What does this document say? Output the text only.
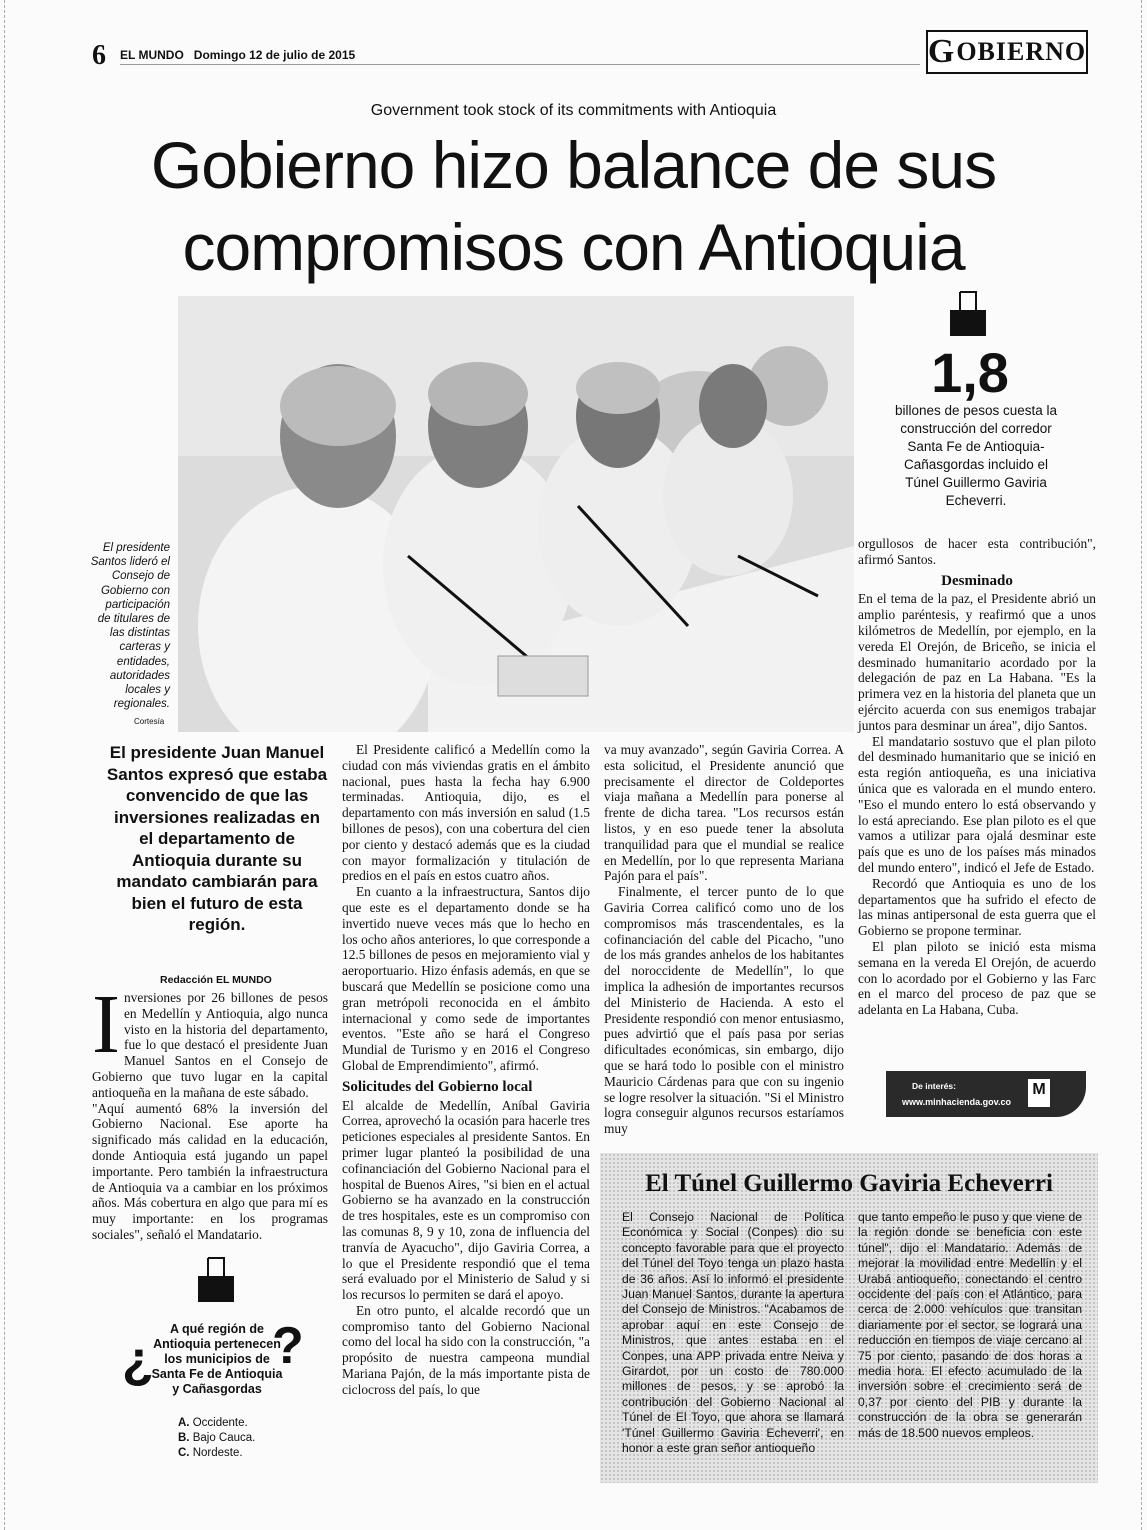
6 EL MUNDO Domingo 12 de julio de 2015	G OBIERNO
Government took stock of its commitments with Antioquia
Gobierno hizo balance de sus compromisos con Antioquia
El presidente Santos lideró el Consejo de Gobierno con participación de titulares de las distintas carteras y entidades, autoridades locales y regionales.
Cortesía
1,8
billones de pesos cuesta la construcción del corredor Santa Fe de Antioquia-Cañasgordas incluido el Túnel Guillermo Gaviria Echeverri.
El presidente Juan Manuel Santos expresó que estaba convencido de que las inversiones realizadas en el departamento de Antioquia durante su mandato cambiarán para bien el futuro de esta región.
Redacción EL MUNDO
I nversiones por 26 billones de pesos en Medellín y Antioquia, algo nunca visto en la historia del departamento, fue lo que destacó el presidente Juan Manuel Santos en el Consejo de Gobierno que tuvo lugar en la capital antioqueña en la mañana de este sábado.

"Aquí aumentó 68% la inversión del Gobierno Nacional. Ese aporte ha significado más calidad en la educación, donde Antioquia está jugando un papel importante. Pero también la infraestructura de Antioquia va a cambiar en los próximos años. Más cobertura en algo que para mí es muy importante: en los programas sociales", señaló el Mandatario.

¿ ?
A qué región de Antioquia pertenecen los municipios de Santa Fe de Antioquia y Cañasgordas
A. Occidente.
B. Bajo Cauca.
C. Nordeste.

El Presidente calificó a Medellín como la ciudad con más viviendas gratis en el ámbito nacional, pues hasta la fecha hay 6.900 terminadas. Antioquia, dijo, es el departamento con más inversión en salud (1.5 billones de pesos), con una cobertura del cien por ciento y destacó además que es la ciudad con mayor formalización y titulación de predios en el país en estos cuatro años.

En cuanto a la infraestructura, Santos dijo que este es el departamento donde se ha invertido nueve veces más que lo hecho en los ocho años anteriores, lo que corresponde a 12.5 billones de pesos en mejoramiento vial y aeroportuario. Hizo énfasis además, en que se buscará que Medellín se posicione como una gran metrópoli reconocida en el ámbito internacional y como sede de importantes eventos. "Este año se hará el Congreso Mundial de Turismo y en 2016 el Congreso Global de Emprendimiento", afirmó.

Solicitudes del Gobierno local

El alcalde de Medellín, Aníbal Gaviria Correa, aprovechó la ocasión para hacerle tres peticiones especiales al presidente Santos. En primer lugar planteó la posibilidad de una cofinanciación del Gobierno Nacional para el hospital de Buenos Aires, "si bien en el actual Gobierno se ha avanzado en la construcción de tres hospitales, este es un compromiso con las comunas 8, 9 y 10, zona de influencia del tranvía de Ayacucho", dijo Gaviria Correa, a lo que el Presidente respondió que el tema será evaluado por el Ministerio de Salud y si los recursos lo permiten se dará el apoyo.

En otro punto, el alcalde recordó que un compromiso tanto del Gobierno Nacional como del local ha sido con la construcción, "a propósito de nuestra campeona mundial Mariana Pajón, de la más importante pista de ciclocross del país, lo que

va muy avanzado", según Gaviria Correa. A esta solicitud, el Presidente anunció que precisamente el director de Coldeportes viaja mañana a Medellín para ponerse al frente de dicha tarea. "Los recursos están listos, y en eso puede tener la absoluta tranquilidad para que el mundial se realice en Medellín, por lo que representa Mariana Pajón para el país".

Finalmente, el tercer punto de lo que Gaviria Correa calificó como uno de los compromisos más trascendentales, es la cofinanciación del cable del Picacho, "uno de los más grandes anhelos de los habitantes del noroccidente de Medellín", lo que implica la adhesión de importantes recursos del Ministerio de Hacienda. A esto el Presidente respondió con menor entusiasmo, pues advirtió que el país pasa por serias dificultades económicas, sin embargo, dijo que se hará todo lo posible con el ministro Mauricio Cárdenas para que con su ingenio se logre resolver la situación. "Si el Ministro logra conseguir algunos recursos estaríamos muy

orgullosos de hacer esta contribución", afirmó Santos.

Desminado

En el tema de la paz, el Presidente abrió un amplio paréntesis, y reafirmó que a unos kilómetros de Medellín, por ejemplo, en la vereda El Orejón, de Briceño, se inicia el desminado humanitario acordado por la delegación de paz en La Habana. "Es la primera vez en la historia del planeta que un ejército acuerda con sus enemigos trabajar juntos para desminar un área", dijo Santos.

El mandatario sostuvo que el plan piloto del desminado humanitario que se inició en esta región antioqueña, es una iniciativa única que es valorada en el mundo entero. "Eso el mundo entero lo está observando y lo está apreciando. Ese plan piloto es el que vamos a utilizar para ojalá desminar este país que es uno de los países más minados del mundo entero", indicó el Jefe de Estado.

Recordó que Antioquia es uno de los departamentos que ha sufrido el efecto de las minas antipersonal de esta guerra que el Gobierno se propone terminar.

El plan piloto se inició esta misma semana en la vereda El Orejón, de acuerdo con lo acordado por el Gobierno y las Farc en el marco del proceso de paz que se adelanta en La Habana, Cuba.

De interés:
www.minhacienda.gov.co
M
El Túnel Guillermo Gaviria Echeverri

El Consejo Nacional de Política Económica y Social (Conpes) dio su concepto favorable para que el proyecto del Túnel del Toyo tenga un plazo hasta de 36 años. Así lo informó el presidente Juan Manuel Santos, durante la apertura del Consejo de Ministros. "Acabamos de aprobar aquí en este Consejo de Ministros, que antes estaba en el Conpes, una APP privada entre Neiva y Girardot, por un costo de 780.000 millones de pesos, y se aprobó la contribución del Gobierno Nacional al Túnel de El Toyo, que ahora se llamará 'Túnel Guillermo Gaviria Echeverri', en honor a este gran señor antioqueño

que tanto empeño le puso y que viene de la región donde se beneficia con este túnel", dijo el Mandatario. Además de mejorar la movilidad entre Medellín y el Urabá antioqueño, conectando el centro occidente del país con el Atlántico, para cerca de 2.000 vehículos que transitan diariamente por el sector, se logrará una reducción en tiempos de viaje cercano al 75 por ciento, pasando de dos horas a media hora. El efecto acumulado de la inversión sobre el crecimiento será de 0,37 por ciento del PIB y durante la construcción de la obra se generarán más de 18.500 nuevos empleos.
